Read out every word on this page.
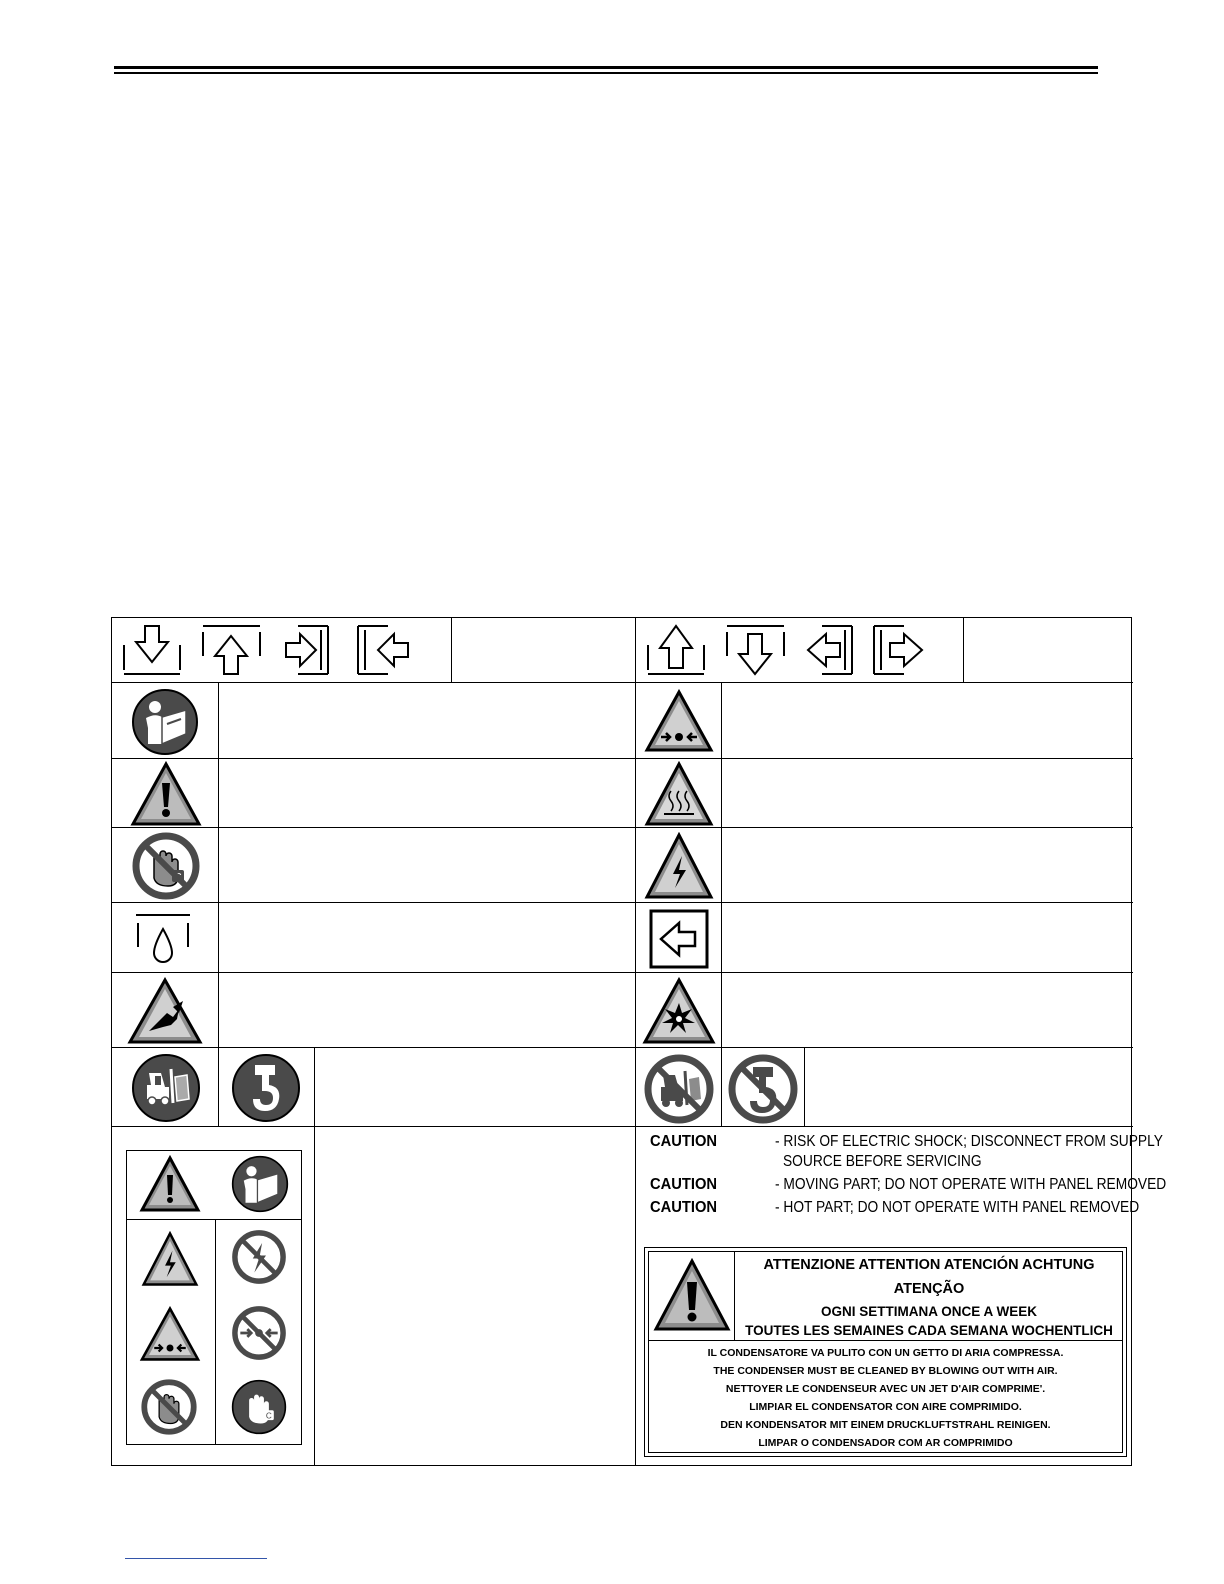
C
CAUTION	- RISK OF ELECTRIC SHOCK; DISCONNECT FROM SUPPLY
SOURCE BEFORE SERVICING
CAUTION	- MOVING PART; DO NOT OPERATE WITH PANEL REMOVED
CAUTION	- HOT PART; DO NOT OPERATE WITH PANEL REMOVED
ATTENZIONE ATTENTION ATENCIÓN ACHTUNG
ATENÇÃO
OGNI SETTIMANA ONCE A WEEK
TOUTES LES SEMAINES CADA SEMANA WOCHENTLICH
IL CONDENSATORE VA PULITO CON UN GETTO DI ARIA COMPRESSA.
THE CONDENSER MUST BE CLEANED BY BLOWING OUT WITH AIR.
NETTOYER LE CONDENSEUR AVEC UN JET D'AIR COMPRIME'.
LIMPIAR EL CONDENSATOR CON AIRE COMPRIMIDO.
DEN KONDENSATOR MIT EINEM DRUCKLUFTSTRAHL REINIGEN.
LIMPAR O CONDENSADOR COM AR COMPRIMIDO
